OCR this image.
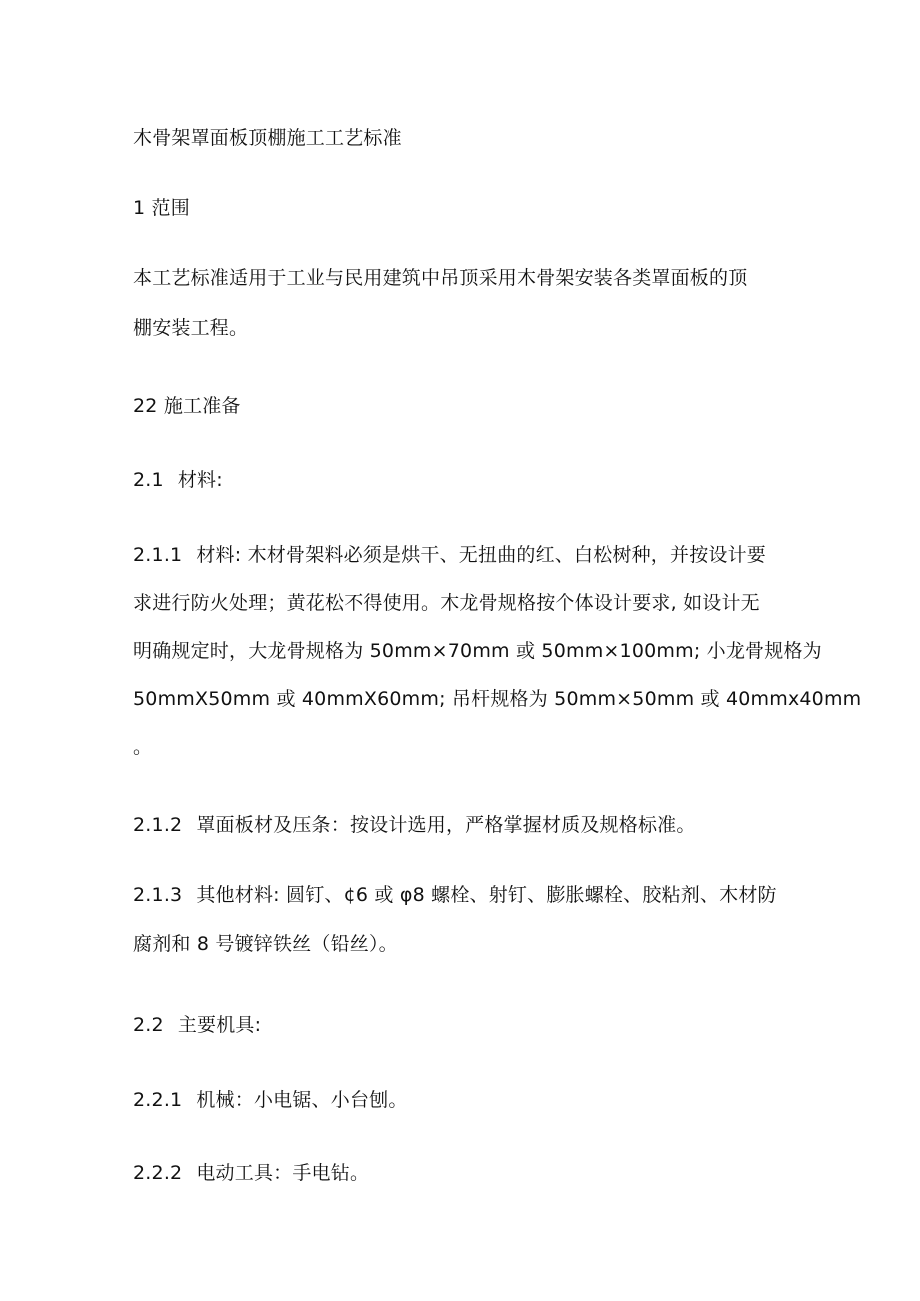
木骨架罩面板顶棚施工工艺标准
1 范围
本工艺标准适用于工业与民用建筑中吊顶采用木骨架安装各类罩面板的顶
棚安装工程。
22 施工准备
2.1 材料:
2.1.1 材料: 木材骨架料必须是烘干、无扭曲的红、白松树种，并按设计要
求进行防火处理；黄花松不得使用。木龙骨规格按个体设计要求, 如设计无
明确规定时，大龙骨规格为 50mm×70mm 或 50mm×100mm; 小龙骨规格为
50mmX50mm 或 40mmX60mm; 吊杆规格为 50mm×50mm 或 40mmx40mm
。
2.1.2 罩面板材及压条：按设计选用，严格掌握材质及规格标准。
2.1.3 其他材料: 圆钉、¢6 或 φ8 螺栓、射钉、膨胀螺栓、胶粘剂、木材防
腐剂和 8 号镀锌铁丝（铅丝）。
2.2 主要机具:
2.2.1 机械：小电锯、小台刨。
2.2.2 电动工具：手电钻。
